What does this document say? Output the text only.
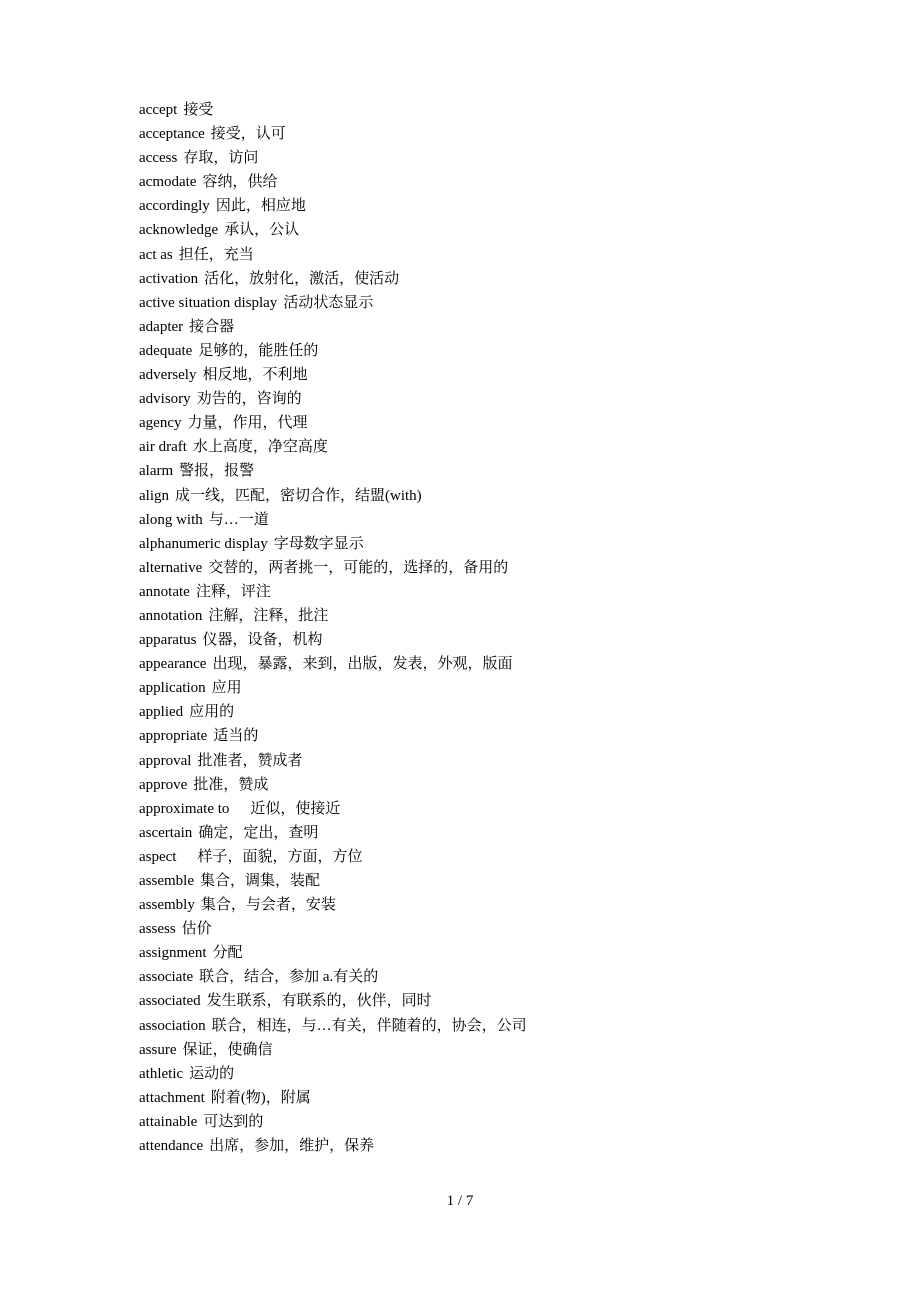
accept 接受
acceptance 接受，认可
access 存取，访问
acmodate 容纳，供给
accordingly 因此，相应地
acknowledge 承认，公认
act as 担任，充当
activation 活化，放射化，激活，使活动
active situation display 活动状态显示
adapter 接合器
adequate 足够的，能胜任的
adversely 相反地，不利地
advisory 劝告的，咨询的
agency 力量，作用，代理
air draft 水上高度，净空高度
alarm 警报，报警
align 成一线，匹配，密切合作，结盟(with)
along with 与…一道
alphanumeric display 字母数字显示
alternative 交替的，两者挑一，可能的，选择的，备用的
annotate 注释，评注
annotation 注解，注释，批注
apparatus 仪器，设备，机构
appearance 出现，暴露，来到，出版，发表，外观，版面
application 应用
applied 应用的
appropriate 适当的
approval 批准者，赞成者
approve 批准，赞成
approximate to　近似，使接近
ascertain 确定，定出，查明
aspect　样子，面貌，方面，方位
assemble 集合，调集，装配
assembly 集合，与会者，安装
assess 估价
assignment 分配
associate 联合，结合，参加 a.有关的
associated 发生联系，有联系的，伙伴，同时
association 联合，相连，与…有关，伴随着的，协会，公司
assure 保证，使确信
athletic 运动的
attachment 附着(物)，附属
attainable 可达到的
attendance 出席，参加，维护，保养
1 / 7
